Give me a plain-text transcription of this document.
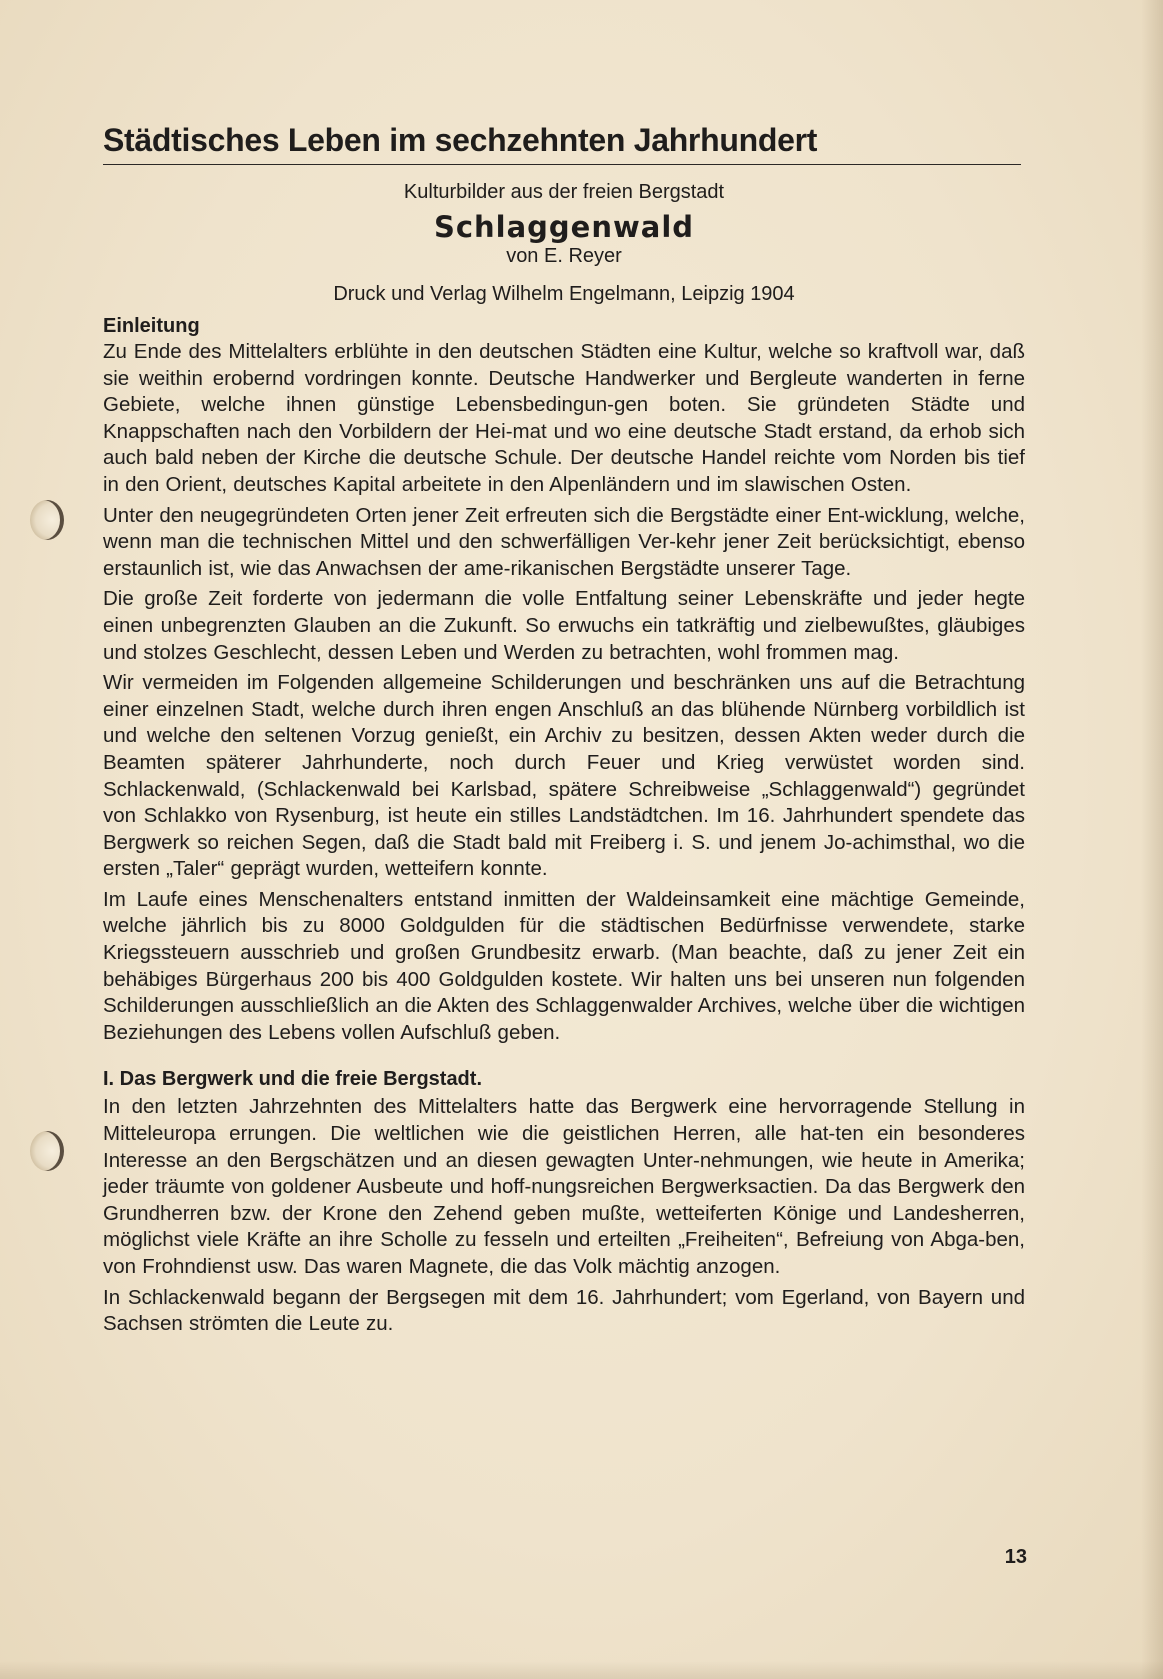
Städtisches Leben im sechzehnten Jahrhundert
Kulturbilder aus der freien Bergstadt
Schlaggenwald
von E. Reyer
Druck und Verlag Wilhelm Engelmann, Leipzig 1904
Einleitung

Zu Ende des Mittelalters erblühte in den deutschen Städten eine Kultur, welche so kraftvoll war, daß sie weithin erobernd vordringen konnte. Deutsche Handwerker und Bergleute wanderten in ferne Gebiete, welche ihnen günstige Lebensbedingun-gen boten. Sie gründeten Städte und Knappschaften nach den Vorbildern der Hei-mat und wo eine deutsche Stadt erstand, da erhob sich auch bald neben der Kirche die deutsche Schule. Der deutsche Handel reichte vom Norden bis tief in den Orient, deutsches Kapital arbeitete in den Alpenländern und im slawischen Osten.

Unter den neugegründeten Orten jener Zeit erfreuten sich die Bergstädte einer Ent-wicklung, welche, wenn man die technischen Mittel und den schwerfälligen Ver-kehr jener Zeit berücksichtigt, ebenso erstaunlich ist, wie das Anwachsen der ame-rikanischen Bergstädte unserer Tage.

Die große Zeit forderte von jedermann die volle Entfaltung seiner Lebenskräfte und jeder hegte einen unbegrenzten Glauben an die Zukunft. So erwuchs ein tatkräftig und zielbewußtes, gläubiges und stolzes Geschlecht, dessen Leben und Werden zu betrachten, wohl frommen mag.

Wir vermeiden im Folgenden allgemeine Schilderungen und beschränken uns auf die Betrachtung einer einzelnen Stadt, welche durch ihren engen Anschluß an das blühende Nürnberg vorbildlich ist und welche den seltenen Vorzug genießt, ein Archiv zu besitzen, dessen Akten weder durch die Beamten späterer Jahrhunderte, noch durch Feuer und Krieg verwüstet worden sind. Schlackenwald, (Schlackenwald bei Karlsbad, spätere Schreibweise „Schlaggenwald“) gegründet von Schlakko von Rysenburg, ist heute ein stilles Landstädtchen. Im 16. Jahrhundert spendete das Bergwerk so reichen Segen, daß die Stadt bald mit Freiberg i. S. und jenem Jo-achimsthal, wo die ersten „Taler“ geprägt wurden, wetteifern konnte.

Im Laufe eines Menschenalters entstand inmitten der Waldeinsamkeit eine mächtige Gemeinde, welche jährlich bis zu 8000 Goldgulden für die städtischen Bedürfnisse verwendete, starke Kriegssteuern ausschrieb und großen Grundbesitz erwarb. (Man beachte, daß zu jener Zeit ein behäbiges Bürgerhaus 200 bis 400 Goldgulden kostete. Wir halten uns bei unseren nun folgenden Schilderungen ausschließlich an die Akten des Schlaggenwalder Archives, welche über die wichtigen Beziehungen des Lebens vollen Aufschluß geben.

I. Das Bergwerk und die freie Bergstadt.

In den letzten Jahrzehnten des Mittelalters hatte das Bergwerk eine hervorragende Stellung in Mitteleuropa errungen. Die weltlichen wie die geistlichen Herren, alle hat-ten ein besonderes Interesse an den Bergschätzen und an diesen gewagten Unter-nehmungen, wie heute in Amerika; jeder träumte von goldener Ausbeute und hoff-nungsreichen Bergwerksactien. Da das Bergwerk den Grundherren bzw. der Krone den Zehend geben mußte, wetteiferten Könige und Landesherren, möglichst viele Kräfte an ihre Scholle zu fesseln und erteilten „Freiheiten“, Befreiung von Abga-ben, von Frohndienst usw. Das waren Magnete, die das Volk mächtig anzogen.

In Schlackenwald begann der Bergsegen mit dem 16. Jahrhundert; vom Egerland, von Bayern und Sachsen strömten die Leute zu.

13
